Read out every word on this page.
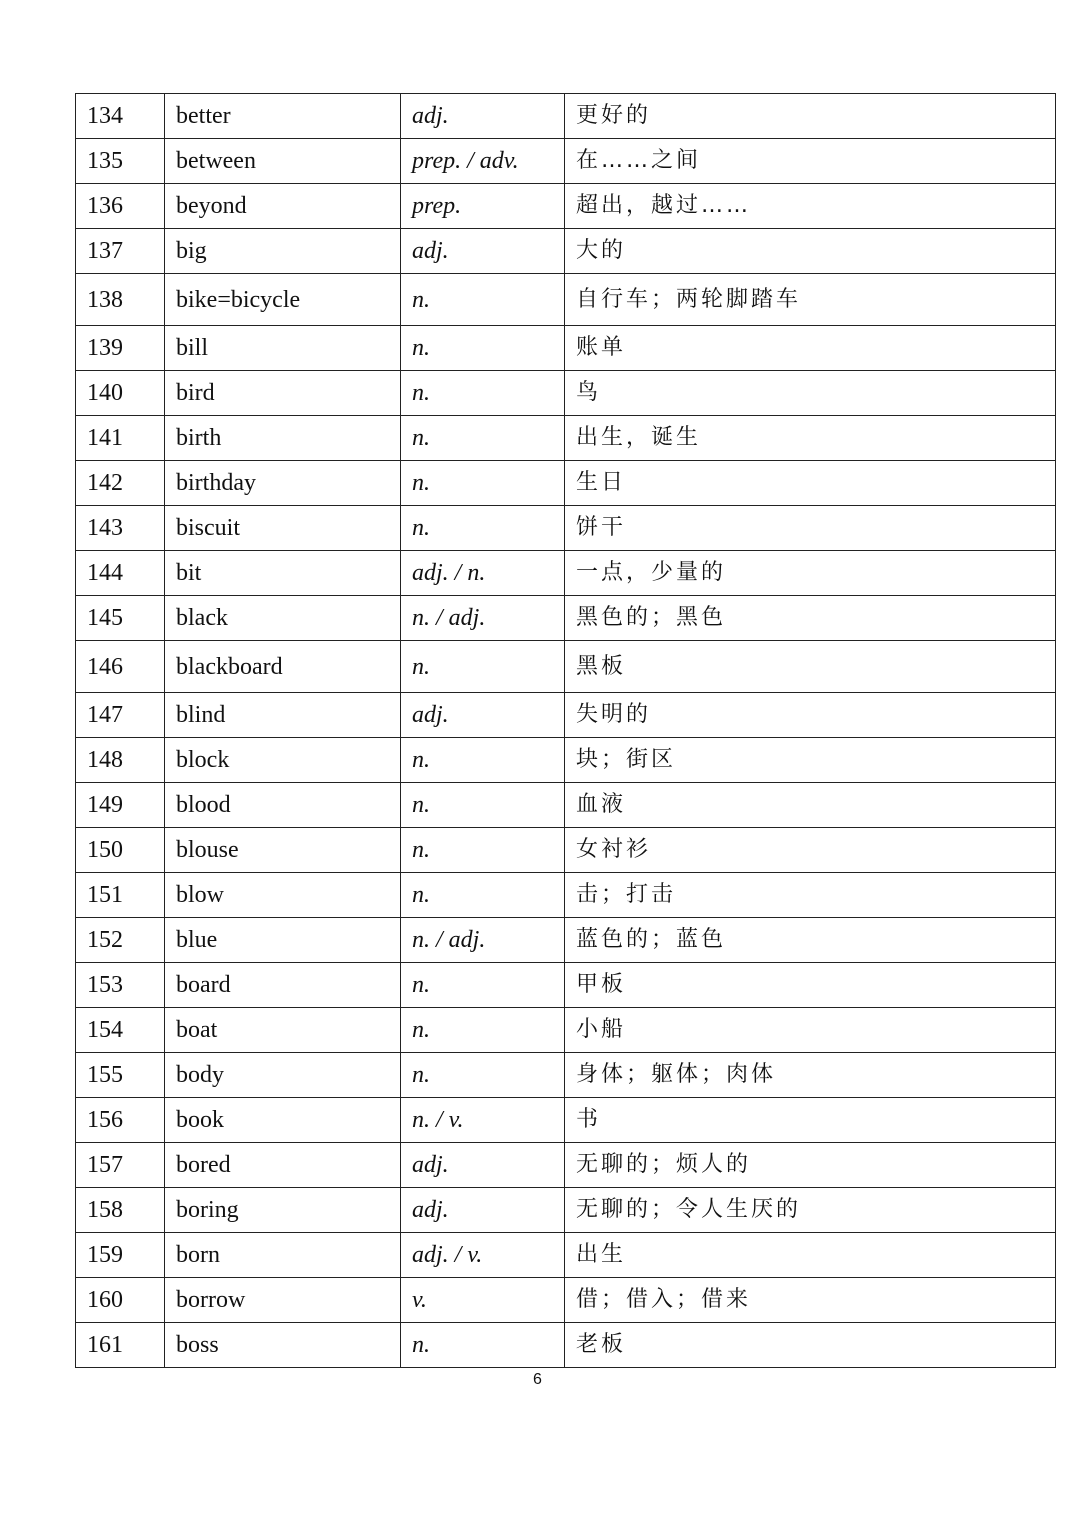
134	better	adj.	更好的
135	between	prep. / adv.	在……之间
136	beyond	prep.	超出，越过……
137	big	adj.	大的
138	bike=bicycle	n.	自行车；两轮脚踏车
139	bill	n.	账单
140	bird	n.	鸟
141	birth	n.	出生，诞生
142	birthday	n.	生日
143	biscuit	n.	饼干
144	bit	adj. / n.	一点，少量的
145	black	n. / adj.	黑色的；黑色
146	blackboard	n.	黑板
147	blind	adj.	失明的
148	block	n.	块；街区
149	blood	n.	血液
150	blouse	n.	女衬衫
151	blow	n.	击；打击
152	blue	n. / adj.	蓝色的；蓝色
153	board	n.	甲板
154	boat	n.	小船
155	body	n.	身体；躯体；肉体
156	book	n. / v.	书
157	bored	adj.	无聊的；烦人的
158	boring	adj.	无聊的；令人生厌的
159	born	adj. / v.	出生
160	borrow	v.	借；借入；借来
161	boss	n.	老板
6
